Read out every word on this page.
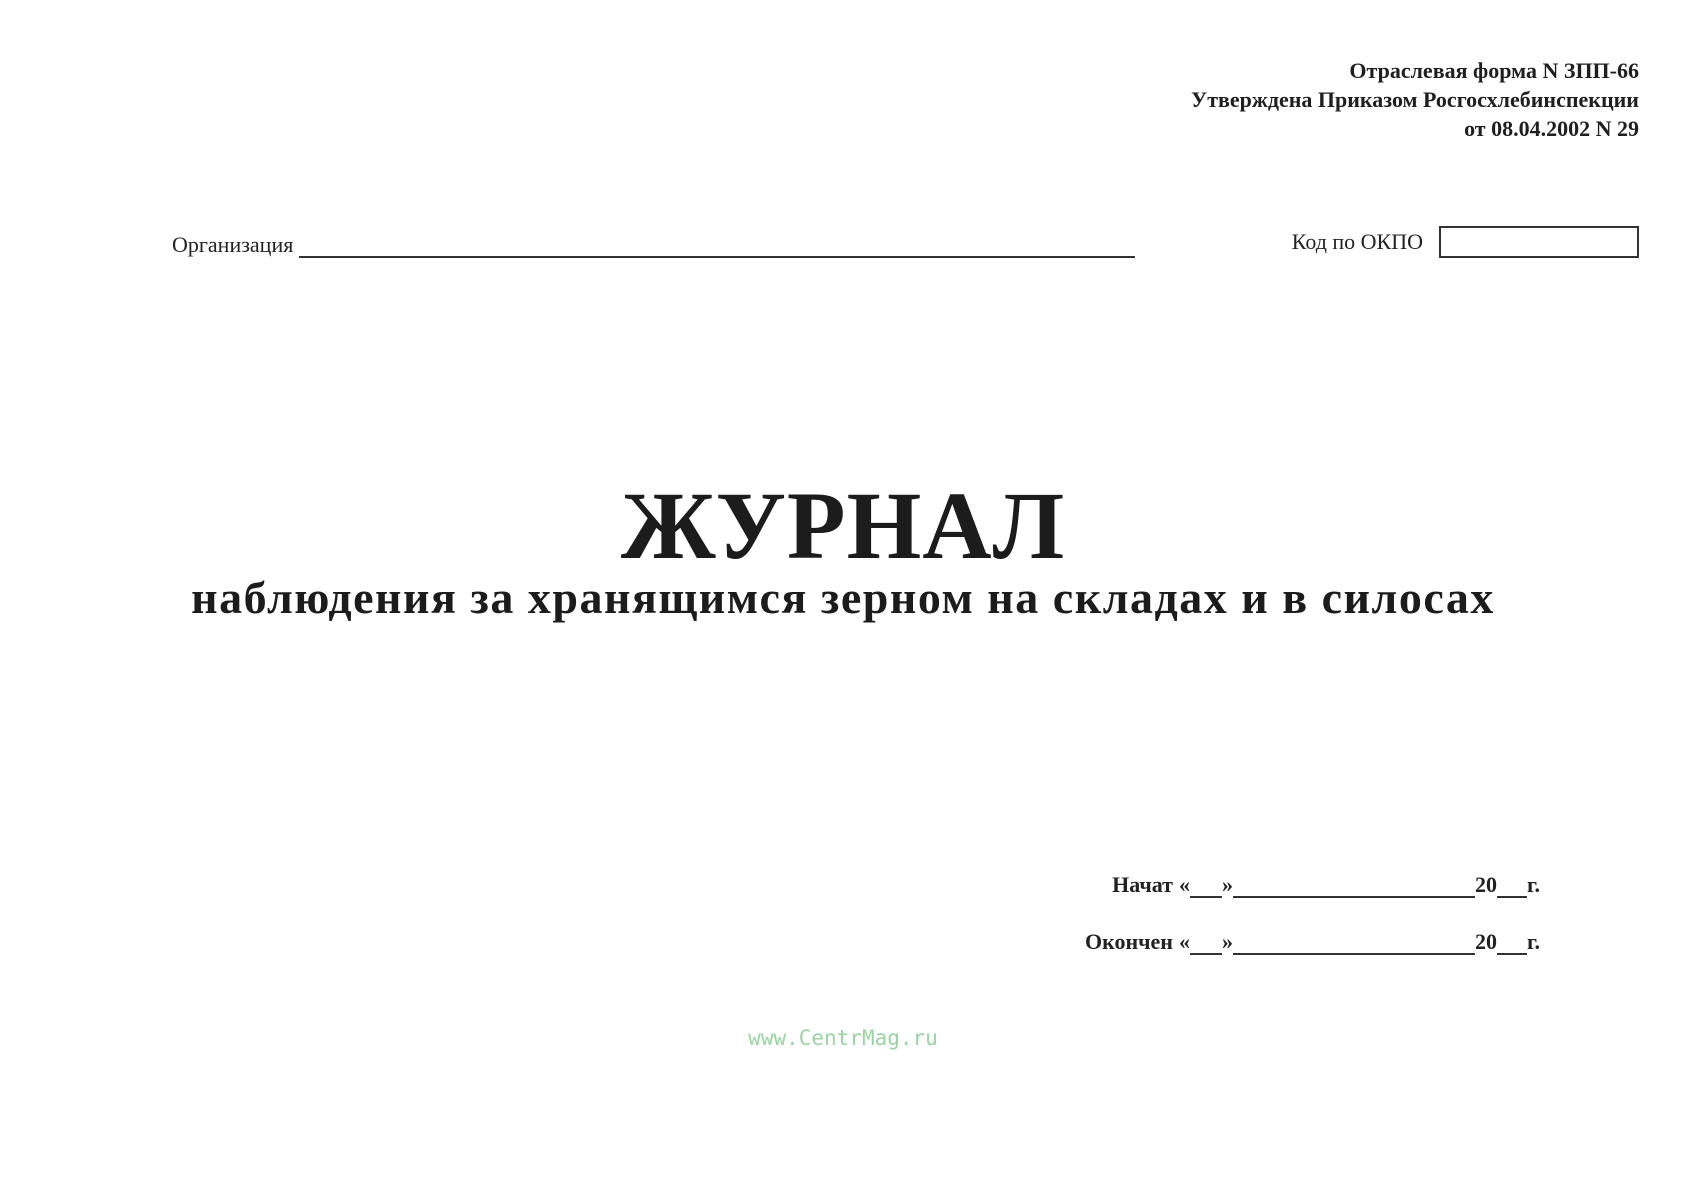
Отраслевая форма N ЗПП-66
Утверждена Приказом Росгосхлебинспекции
от 08.04.2002 N 29
Организация	Код по ОКПО
ЖУРНАЛ
наблюдения за хранящимся зерном на складах и в силосах
Начат « »	20 г.
Окончен « »	20 г.
www.CentrMag.ru
